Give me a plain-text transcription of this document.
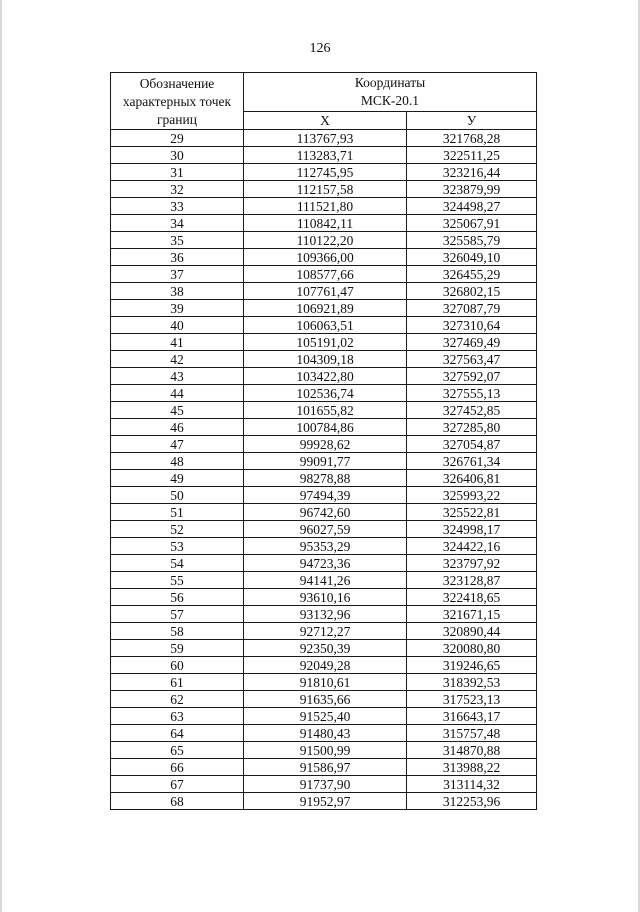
126
Обозначение характерных точек границ	Координаты
МСК-20.1	

	Х	У
29	113767,93	321768,28
30	113283,71	322511,25
31	112745,95	323216,44
32	112157,58	323879,99
33	111521,80	324498,27
34	110842,11	325067,91
35	110122,20	325585,79
36	109366,00	326049,10
37	108577,66	326455,29
38	107761,47	326802,15
39	106921,89	327087,79
40	106063,51	327310,64
41	105191,02	327469,49
42	104309,18	327563,47
43	103422,80	327592,07
44	102536,74	327555,13
45	101655,82	327452,85
46	100784,86	327285,80
47	99928,62	327054,87
48	99091,77	326761,34
49	98278,88	326406,81
50	97494,39	325993,22
51	96742,60	325522,81
52	96027,59	324998,17
53	95353,29	324422,16
54	94723,36	323797,92
55	94141,26	323128,87
56	93610,16	322418,65
57	93132,96	321671,15
58	92712,27	320890,44
59	92350,39	320080,80
60	92049,28	319246,65
61	91810,61	318392,53
62	91635,66	317523,13
63	91525,40	316643,17
64	91480,43	315757,48
65	91500,99	314870,88
66	91586,97	313988,22
67	91737,90	313114,32
68	91952,97	312253,96
